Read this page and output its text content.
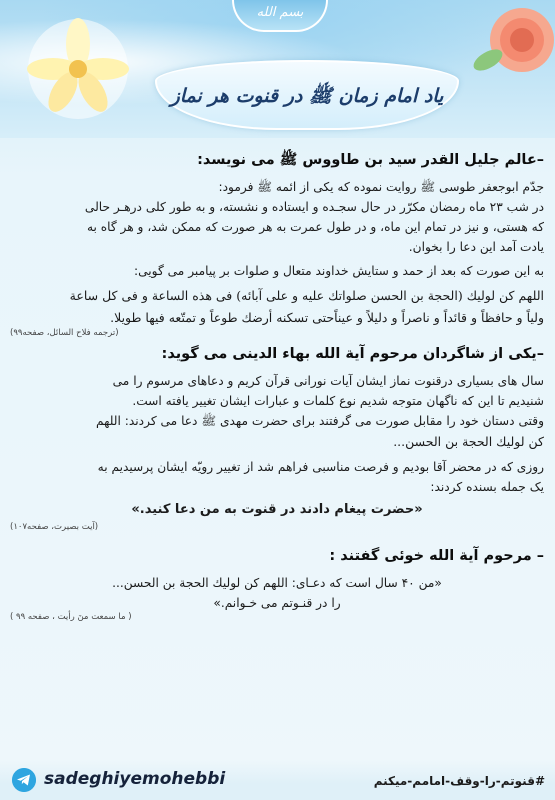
بسم الله
یاد امام زمان ﷺ در قنوت هر نماز

–عالم جلیل القدر سید بن طاووس ﷺ می نویسد:

جدّم ابوجعفر طوسی ﷺ روایت نموده که یکی از ائمه ﷺ فرمود:

در شب ۲۳ ماه رمضان مکرّر در حال سجـده و ایستاده و نشسته، و به طور کلی درهـر حالی

که هستی، و نیز در تمام این ماه، و در طول عمرت به هر صورت که ممکن شد، و هر گاه به

یادت آمد این دعا را بخوان.

به این صورت که بعد از حمد و ستایش خداوند متعال و صلوات بر پیامبر می گویی:

اللهم كن لوليك (الحجة بن الحسن صلواتك عليه و على آبائه) فی هذه الساعة و فی كل ساعة

ولياً و حافظاً و قائداً و ناصراً و دليلاً و عيناًحتى تسكنه أرضك طوعاً و تمتّعه فيها طويلا.

(ترجمه فلاح السائل، صفحه۹۹)

–یکی از شاگردان مرحوم آیة الله بهاء الدینی می گوید:

سال های بسیاری درقنوت نماز ایشان آیات نورانی قرآن کریم و دعاهای مرسوم را می

شنیدیم تا این که ناگهان متوجه شدیم نوع کلمات و عبارات ایشان تغییر یافته است.

وقتی دستان خود را مقابل صورت می گرفتند برای حضرت مهدی ﷺ دعا می کردند: اللهم

كن لوليك الحجة بن الحسن...

روزی که در محضر آقا بودیم و فرصت مناسبی فراهم شد از تغییر رویّه ایشان پرسیدیم به

یک جمله بسنده کردند:

«حضرت پیغام دادند در قنوت به من دعا کنید.»

(آیت بصیرت، صفحه۱۰۷)

– مرحوم آیة الله خوئی گفتند :

«من ۴۰ سال است که دعـای: اللهم كن لوليك الحجة بن الحسن...

را در قنـوتم می خـوانم.»

( ما سمعت منَ رأيت ، صفحه ۹۹ )

sadeghiyemohebbi	#قنوتم-را-وقف-امامم-میکنم
